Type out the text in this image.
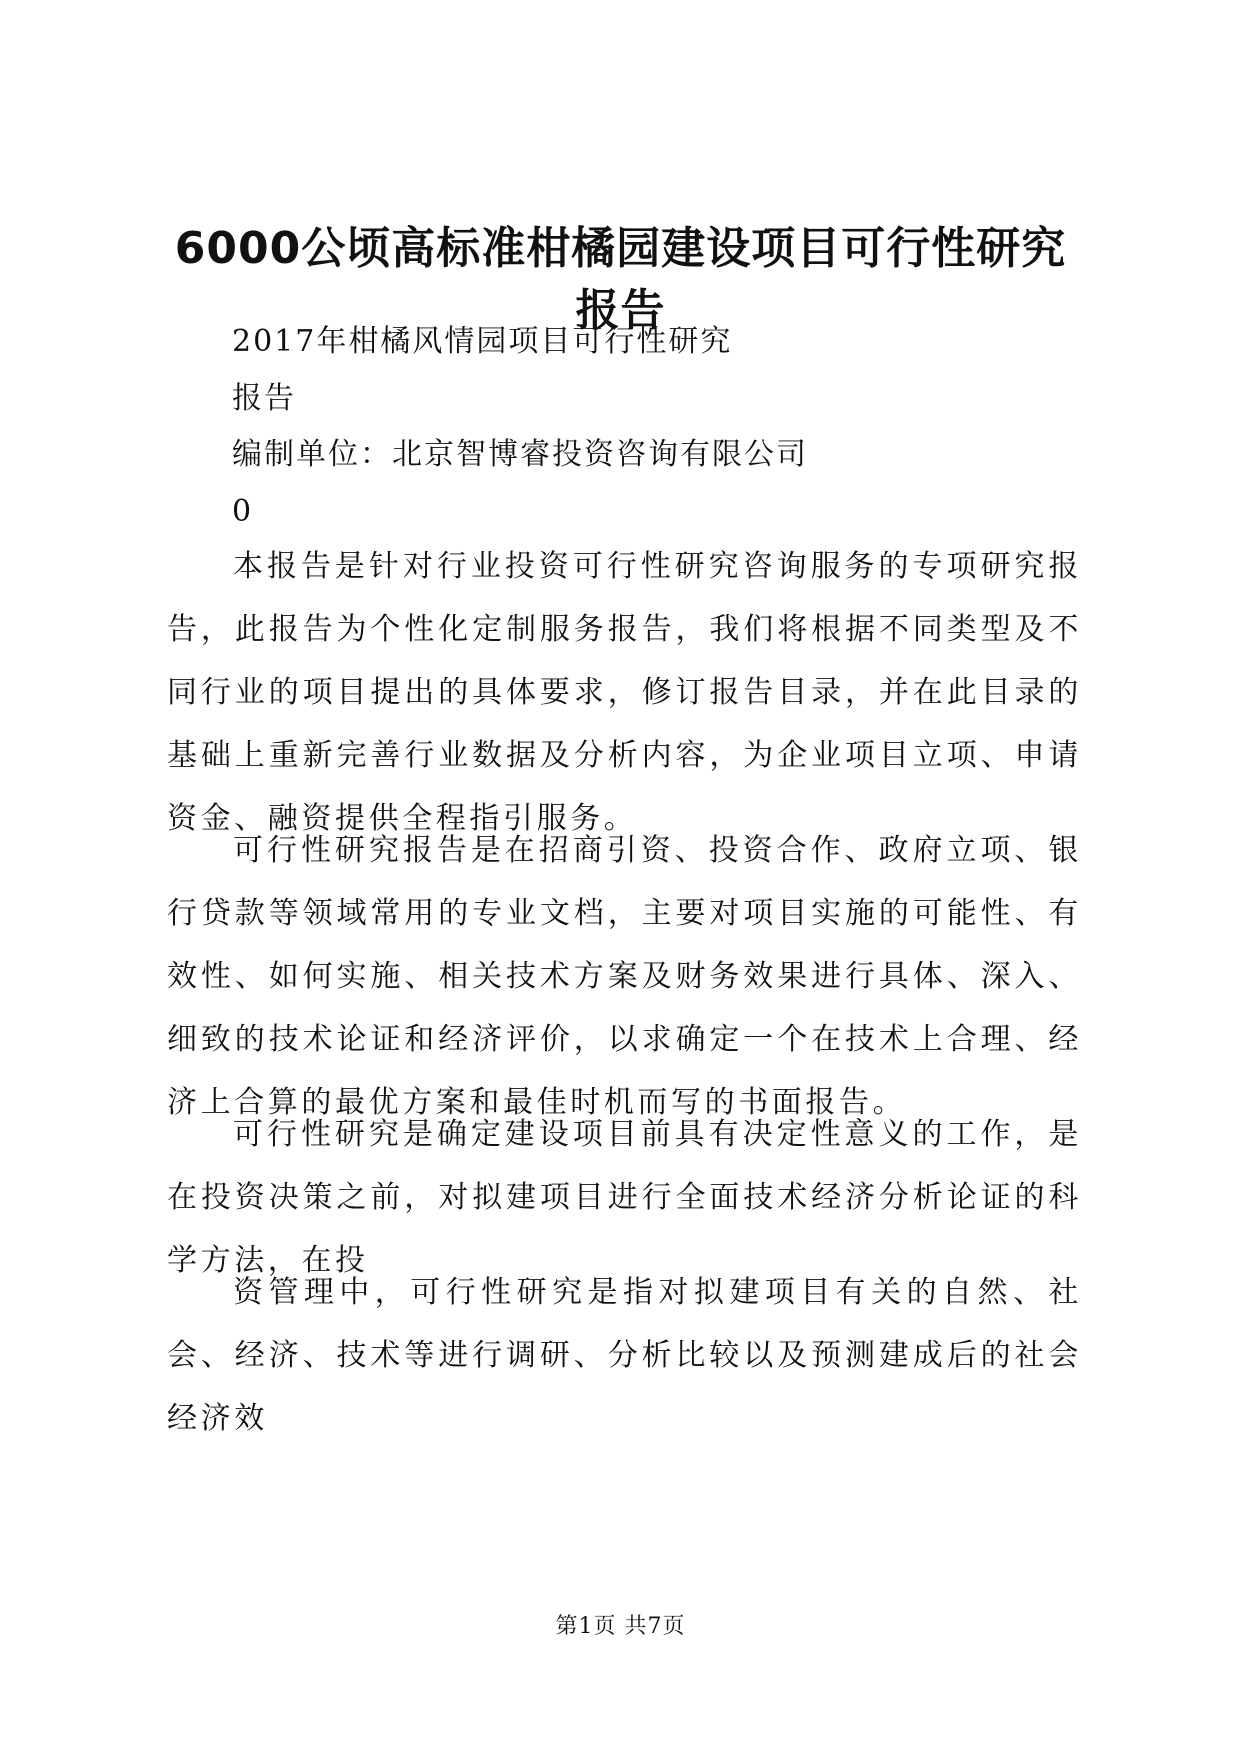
6000公顷高标准柑橘园建设项目可行性研究
报告
2017年柑橘风情园项目可行性研究
报告
编制单位：北京智博睿投资咨询有限公司
0
本报告是针对行业投资可行性研究咨询服务的专项研究报告，此报告为个性化定制服务报告，我们将根据不同类型及不同行业的项目提出的具体要求，修订报告目录，并在此目录的基础上重新完善行业数据及分析内容，为企业项目立项、申请资金、融资提供全程指引服务。
可行性研究报告是在招商引资、投资合作、政府立项、银行贷款等领域常用的专业文档，主要对项目实施的可能性、有效性、如何实施、相关技术方案及财务效果进行具体、深入、细致的技术论证和经济评价，以求确定一个在技术上合理、经济上合算的最优方案和最佳时机而写的书面报告。
可行性研究是确定建设项目前具有决定性意义的工作，是在投资决策之前，对拟建项目进行全面技术经济分析论证的科学方法，在投
资管理中，可行性研究是指对拟建项目有关的自然、社会、经济、技术等进行调研、分析比较以及预测建成后的社会经济效
第1页 共7页
